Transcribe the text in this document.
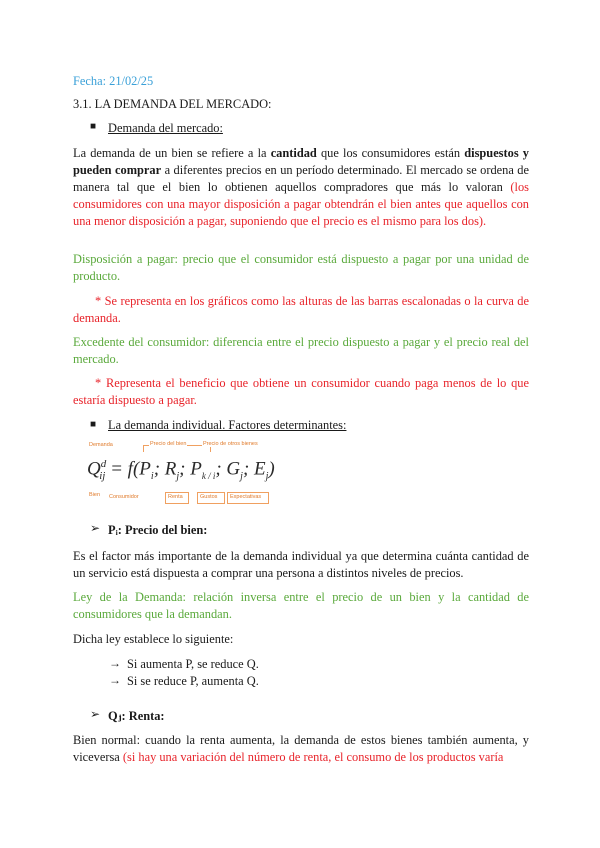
Fecha: 21/02/25
3.1. LA DEMANDA DEL MERCADO:
■ Demanda del mercado:
La demanda de un bien se refiere a la cantidad que los consumidores están dispuestos y pueden comprar a diferentes precios en un período determinado. El mercado se ordena de manera tal que el bien lo obtienen aquellos compradores que más lo valoran (los consumidores con una mayor disposición a pagar obtendrán el bien antes que aquellos con una menor disposición a pagar, suponiendo que el precio es el mismo para los dos).
Disposición a pagar: precio que el consumidor está dispuesto a pagar por una unidad de producto.
* Se representa en los gráficos como las alturas de las barras escalonadas o la curva de demanda.
Excedente del consumidor: diferencia entre el precio dispuesto a pagar y el precio real del mercado.
* Representa el beneficio que obtiene un consumidor cuando paga menos de lo que estaría dispuesto a pagar.
■ La demanda individual. Factores determinantes:
Demanda	Precio del bien	Precio de otros bienes
$Q^d_{ij} = f(P_i$; $R_j$; $P_{k / i}$; $G_j$; $E_j$)
Bien Consumidor	Renta	Gustos Expectativas
➢ Pᵢ: Precio del bien:
Es el factor más importante de la demanda individual ya que determina cuánta cantidad de un servicio está dispuesta a comprar una persona a distintos niveles de precios.
Ley de la Demanda: relación inversa entre el precio de un bien y la cantidad de consumidores que la demandan.
Dicha ley establece lo siguiente:
→ Si aumenta P, se reduce Q.
→ Si se reduce P, aumenta Q.
➢ Qⱼ: Renta:
Bien normal: cuando la renta aumenta, la demanda de estos bienes también aumenta, y viceversa (si hay una variación del número de renta, el consumo de los productos varía
